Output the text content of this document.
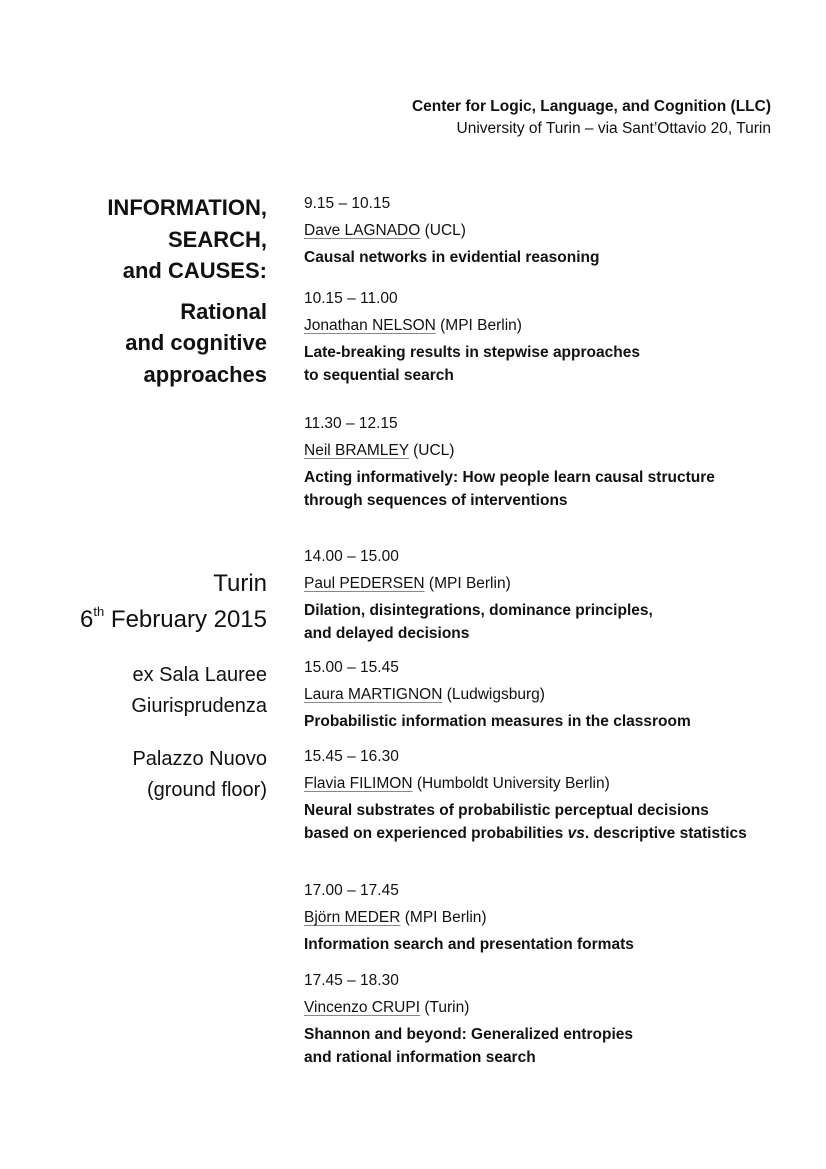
Center for Logic, Language, and Cognition (LLC)
University of Turin – via Sant’Ottavio 20, Turin
INFORMATION,
SEARCH,
and CAUSES:
Rational
and cognitive
approaches
Turin
6th February 2015
ex Sala Lauree
Giurisprudenza
Palazzo Nuovo
(ground floor)
9.15 – 10.15
Dave LAGNADO (UCL)
Causal networks in evidential reasoning
10.15 – 11.00
Jonathan NELSON (MPI Berlin)
Late-breaking results in stepwise approaches
to sequential search
11.30 – 12.15
Neil BRAMLEY (UCL)
Acting informatively: How people learn causal structure
through sequences of interventions
14.00 – 15.00
Paul PEDERSEN (MPI Berlin)
Dilation, disintegrations, dominance principles,
and delayed decisions
15.00 – 15.45
Laura MARTIGNON (Ludwigsburg)
Probabilistic information measures in the classroom
15.45 – 16.30
Flavia FILIMON (Humboldt University Berlin)
Neural substrates of probabilistic perceptual decisions
based on experienced probabilities vs. descriptive statistics
17.00 – 17.45
Björn MEDER (MPI Berlin)
Information search and presentation formats
17.45 – 18.30
Vincenzo CRUPI (Turin)
Shannon and beyond: Generalized entropies
and rational information search
